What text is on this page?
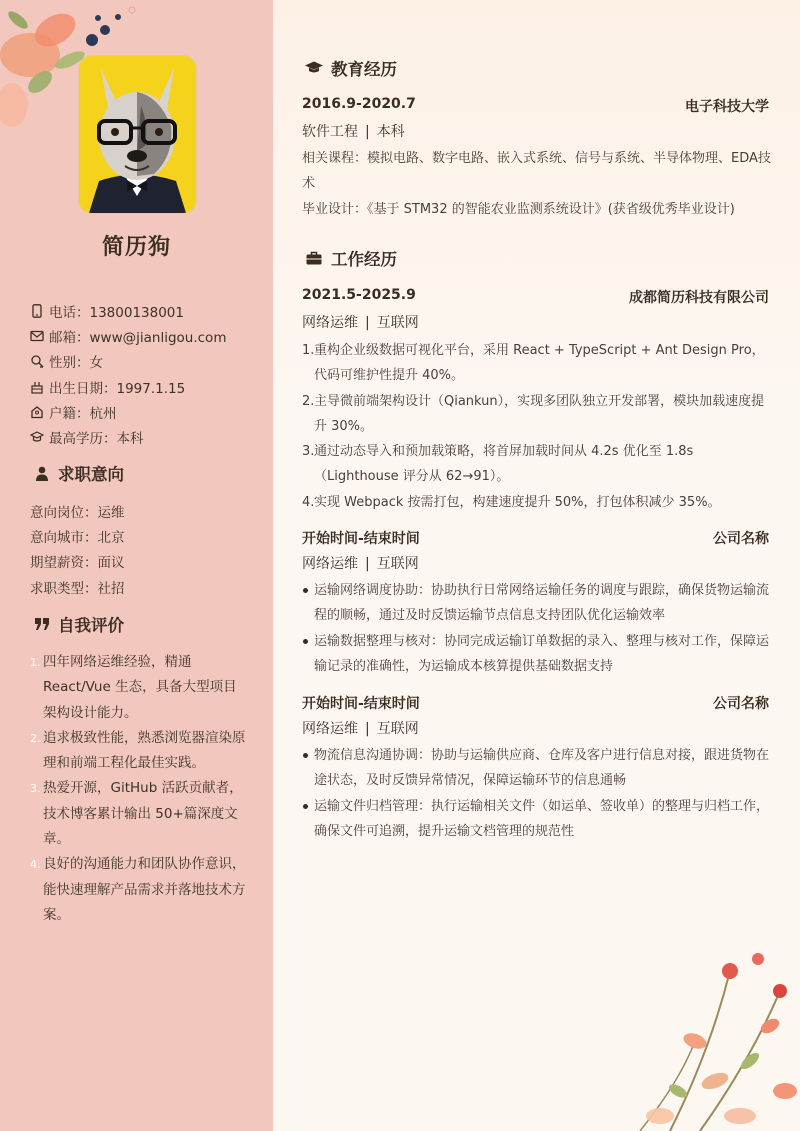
简历狗
电话：13800138001
邮箱：www@jianligou.com
性别：女
出生日期：1997.1.15
户籍：杭州
最高学历：本科
求职意向
意向岗位：运维
意向城市：北京
期望薪资：面议
求职类型：社招
自我评价
1. 四年网络运维经验，精通 React/Vue 生态，具备大型项目架构设计能力。
2. 追求极致性能，熟悉浏览器渲染原理和前端工程化最佳实践。
3. 热爱开源，GitHub 活跃贡献者，技术博客累计输出 50+篇深度文章。
4. 良好的沟通能力和团队协作意识，能快速理解产品需求并落地技术方案。
教育经历
2016.9-2020.7	电子科技大学
软件工程 | 本科
相关课程：模拟电路、数字电路、嵌入式系统、信号与系统、半导体物理、EDA技术
毕业设计：《基于 STM32 的智能农业监测系统设计》(获省级优秀毕业设计)
工作经历
2021.5-2025.9	成都简历科技有限公司
网络运维 | 互联网
1. 重构企业级数据可视化平台，采用 React + TypeScript + Ant Design Pro，代码可维护性提升 40%。
2. 主导微前端架构设计（Qiankun），实现多团队独立开发部署，模块加载速度提升 30%。
3. 通过动态导入和预加载策略，将首屏加载时间从 4.2s 优化至 1.8s（Lighthouse 评分从 62→91）。
4. 实现 Webpack 按需打包，构建速度提升 50%，打包体积减少 35%。
开始时间-结束时间	公司名称
网络运维 | 互联网
运输网络调度协助：协助执行日常网络运输任务的调度与跟踪，确保货物运输流程的顺畅，通过及时反馈运输节点信息支持团队优化运输效率
运输数据整理与核对：协同完成运输订单数据的录入、整理与核对工作，保障运输记录的准确性，为运输成本核算提供基础数据支持
开始时间-结束时间	公司名称
网络运维 | 互联网
物流信息沟通协调：协助与运输供应商、仓库及客户进行信息对接，跟进货物在途状态，及时反馈异常情况，保障运输环节的信息通畅
运输文件归档管理：执行运输相关文件（如运单、签收单）的整理与归档工作，确保文件可追溯，提升运输文档管理的规范性
